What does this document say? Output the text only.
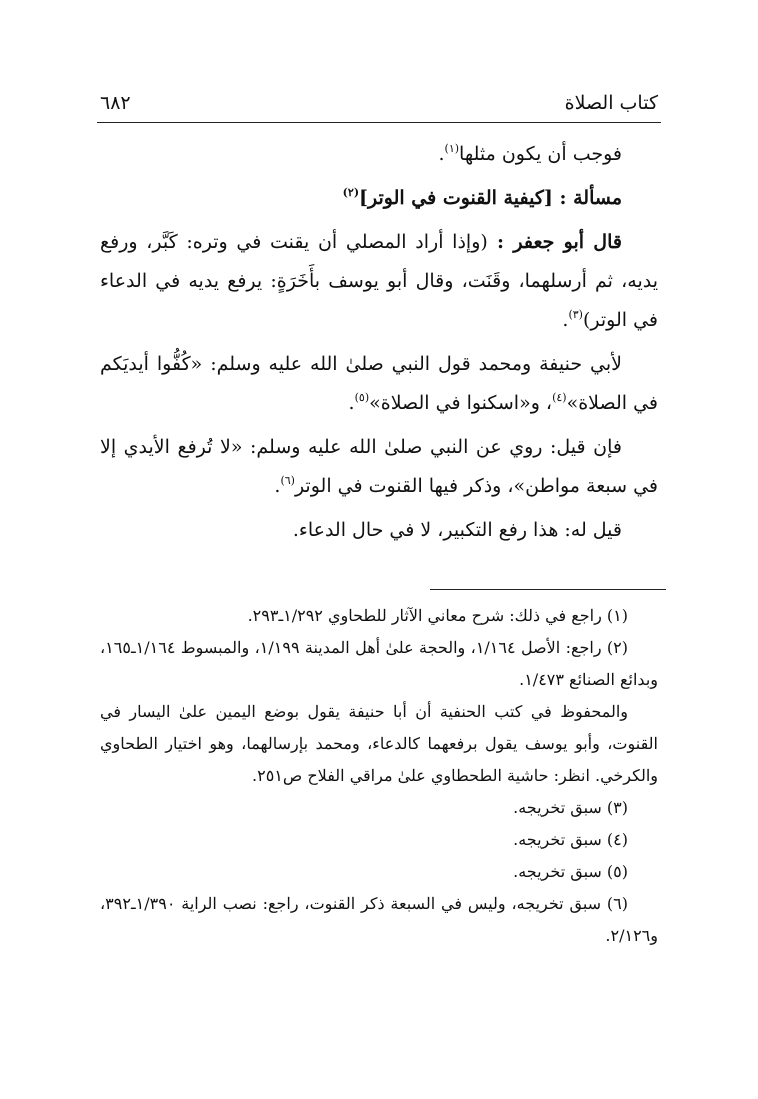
كتاب الصلاة
٦٨٢

فوجب أن يكون مثلها$^{(١)}$.

مسألة : [كيفية القنوت في الوتر]$^{(٢)}$

قال أبو جعفر : (وإذا أراد المصلي أن يقنت في وتره: كَبَّر، ورفع يديه، ثم أرسلهما، وقَنَت، وقال أبو يوسف بأَخَرَةٍ: يرفع يديه في الدعاء في الوتر)$^{(٣)}$.

لأبي حنيفة ومحمد قول النبي صلىٰ الله عليه وسلم: «كُفُّوا أيديَكم في الصلاة»$^{(٤)}$، و«اسكنوا في الصلاة»$^{(٥)}$.

فإن قيل: روي عن النبي صلىٰ الله عليه وسلم: «لا تُرفع الأيدي إلا في سبعة مواطن»، وذكر فيها القنوت في الوتر$^{(٦)}$.

قيل له: هذا رفع التكبير، لا في حال الدعاء.

(١) راجع في ذلك: شرح معاني الآثار للطحاوي ١/٢٩٢ـ٢٩٣.

(٢) راجع: الأصل ١/١٦٤، والحجة علىٰ أهل المدينة ١/١٩٩، والمبسوط ١/١٦٤ـ١٦٥، وبدائع الصنائع ١/٤٧٣.

والمحفوظ في كتب الحنفية أن أبا حنيفة يقول بوضع اليمين علىٰ اليسار في القنوت، وأبو يوسف يقول برفعهما كالدعاء، ومحمد بإرسالهما، وهو اختيار الطحاوي والكرخي. انظر: حاشية الطحطاوي علىٰ مراقي الفلاح ص٢٥١.

(٣) سبق تخريجه.

(٤) سبق تخريجه.

(٥) سبق تخريجه.

(٦) سبق تخريجه، وليس في السبعة ذكر القنوت، راجع: نصب الراية ١/٣٩٠ـ٣٩٢، و٢/١٢٦.
